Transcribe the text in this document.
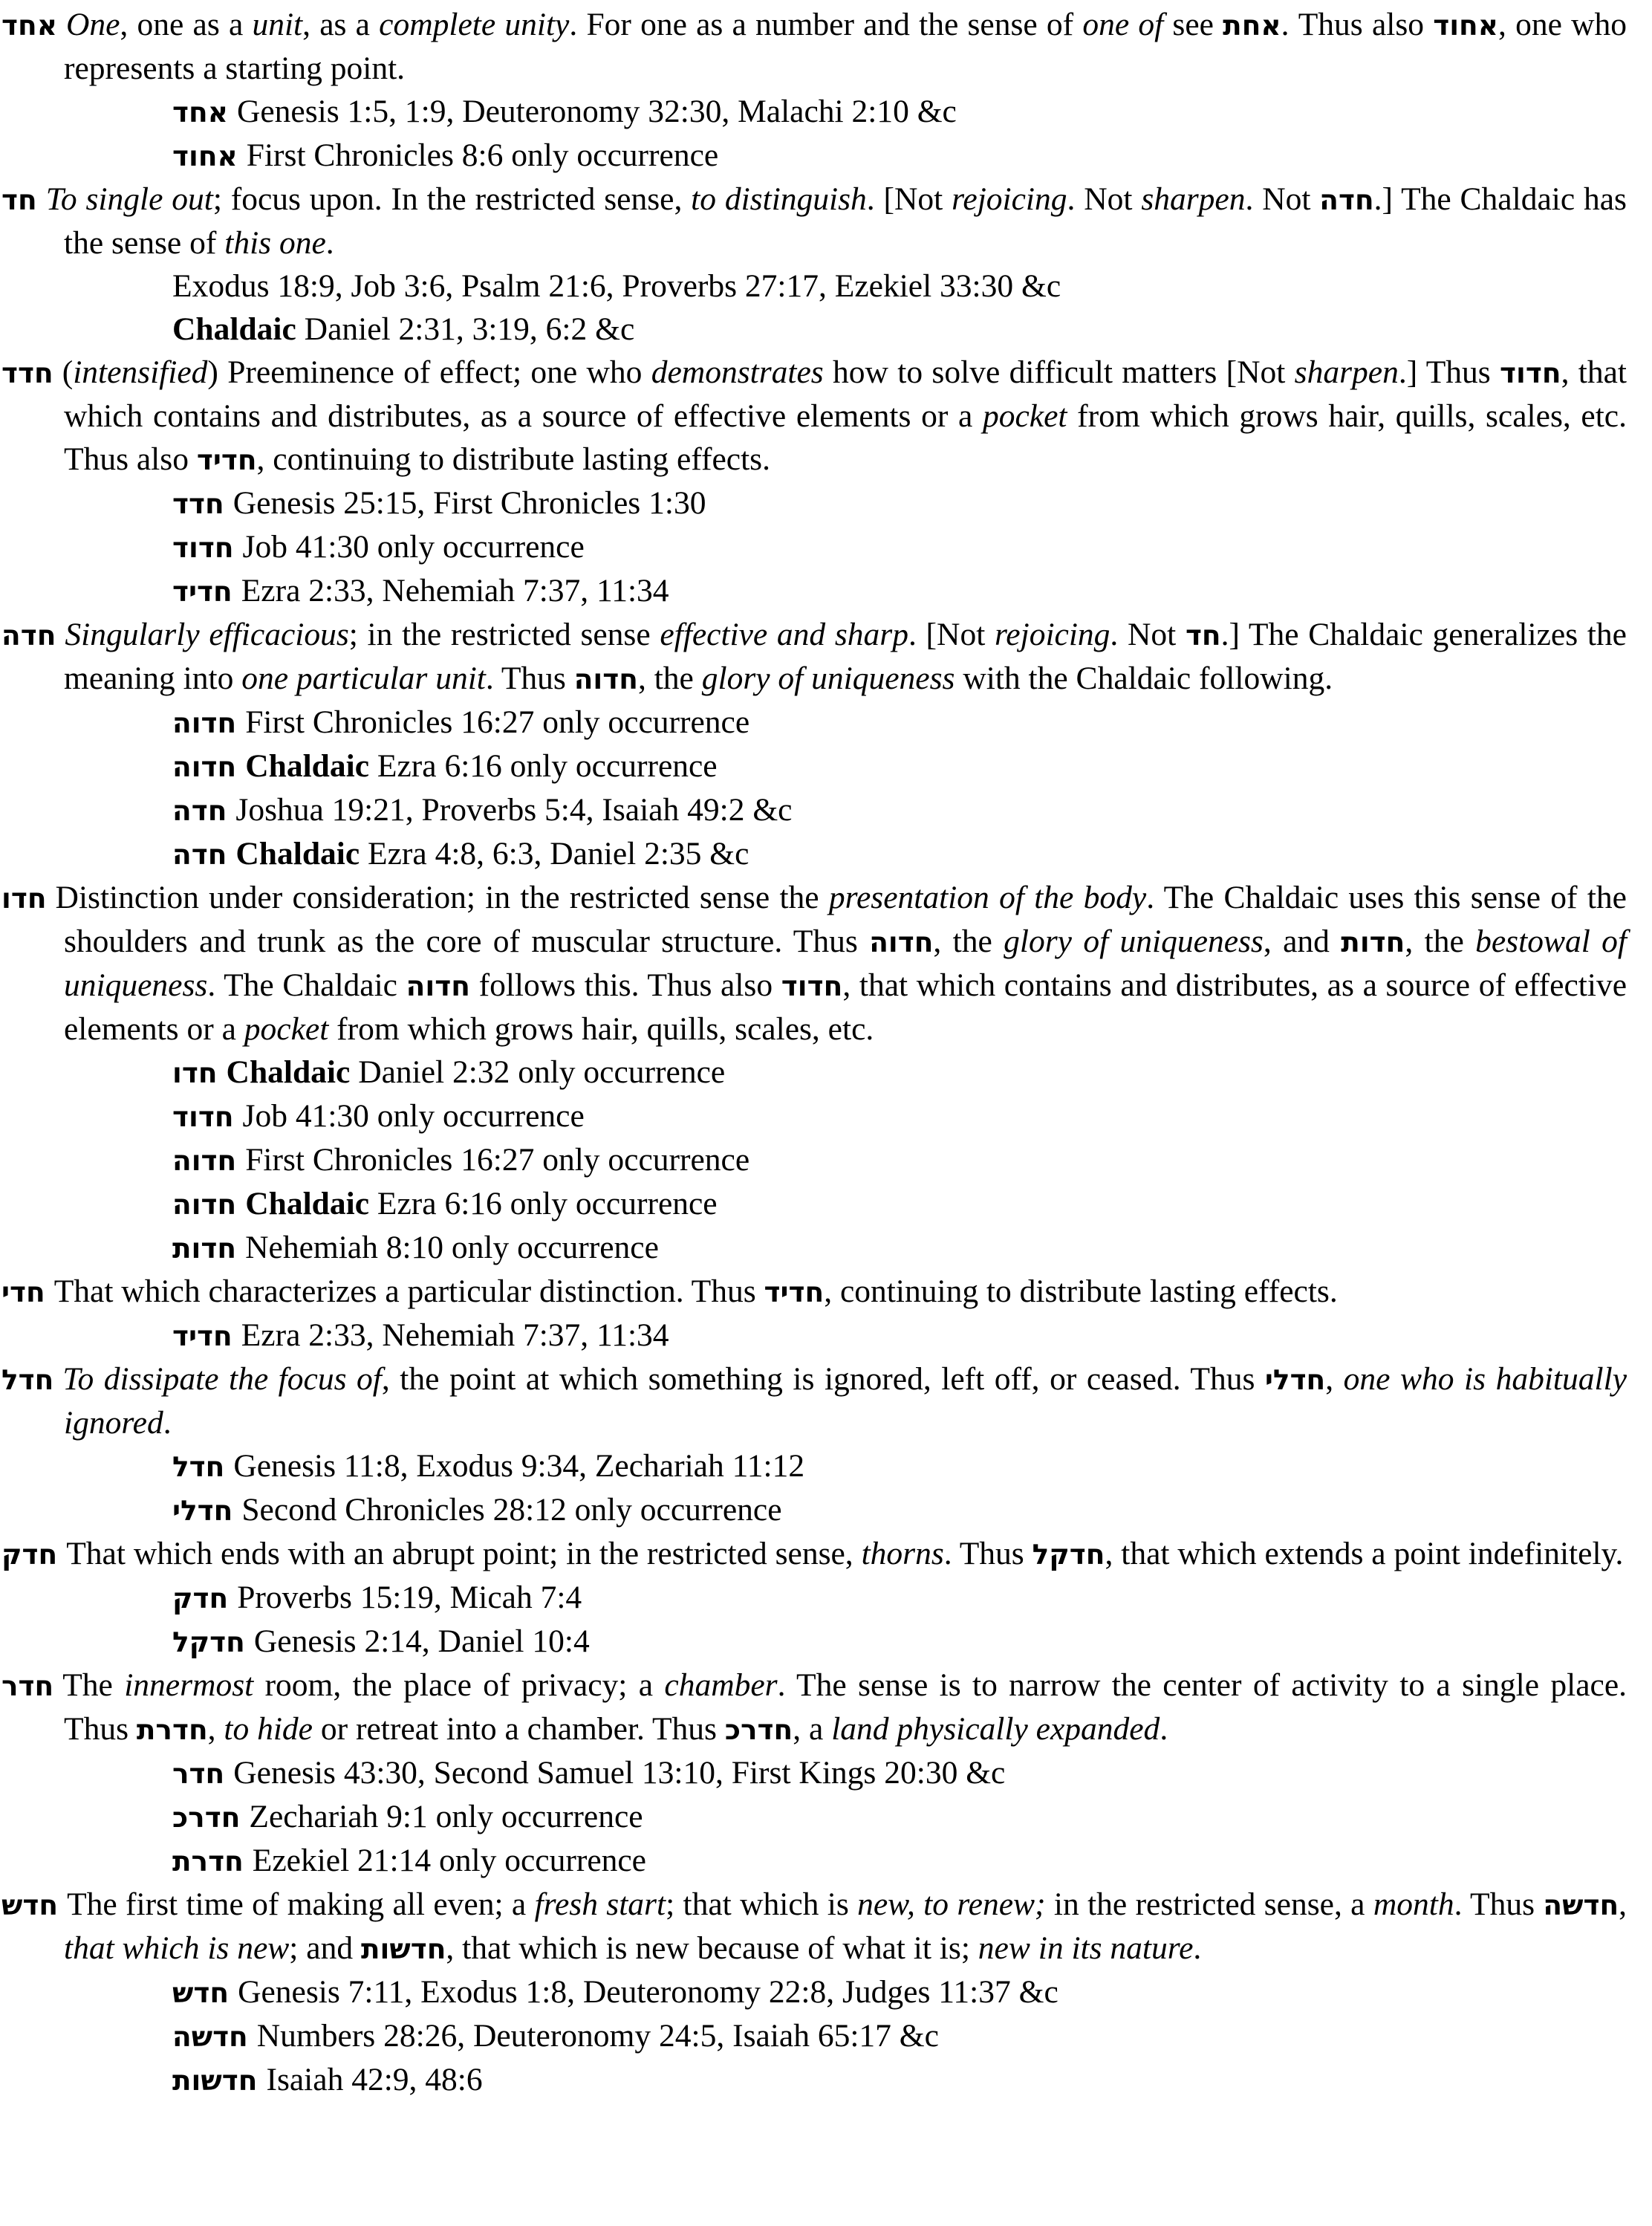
אחד One, one as a unit, as a complete unity. For one as a number and the sense of one of see אחת. Thus also אחוד, one who represents a starting point.
אחד Genesis 1:5, 1:9, Deuteronomy 32:30, Malachi 2:10 &c
אחוד First Chronicles 8:6 only occurrence
חד To single out; focus upon. In the restricted sense, to distinguish. [Not rejoicing. Not sharpen. Not חדה.] The Chaldaic has the sense of this one.
Exodus 18:9, Job 3:6, Psalm 21:6, Proverbs 27:17, Ezekiel 33:30 &c
Chaldaic Daniel 2:31, 3:19, 6:2 &c
חדד (intensified) Preeminence of effect; one who demonstrates how to solve difficult matters [Not sharpen.] Thus חדוד, that which contains and distributes, as a source of effective elements or a pocket from which grows hair, quills, scales, etc. Thus also חדיד, continuing to distribute lasting effects.
חדד Genesis 25:15, First Chronicles 1:30
חדוד Job 41:30 only occurrence
חדיד Ezra 2:33, Nehemiah 7:37, 11:34
חדה Singularly efficacious; in the restricted sense effective and sharp. [Not rejoicing. Not חד.] The Chaldaic generalizes the meaning into one particular unit. Thus חדוה, the glory of uniqueness with the Chaldaic following.
חדוה First Chronicles 16:27 only occurrence
חדוה Chaldaic Ezra 6:16 only occurrence
חדה Joshua 19:21, Proverbs 5:4, Isaiah 49:2 &c
חדה Chaldaic Ezra 4:8, 6:3, Daniel 2:35 &c
חדו Distinction under consideration; in the restricted sense the presentation of the body. The Chaldaic uses this sense of the shoulders and trunk as the core of muscular structure. Thus חדוה, the glory of uniqueness, and חדות, the bestowal of uniqueness. The Chaldaic חדוה follows this. Thus also חדוד, that which contains and distributes, as a source of effective elements or a pocket from which grows hair, quills, scales, etc.
חדו Chaldaic Daniel 2:32 only occurrence
חדוד Job 41:30 only occurrence
חדוה First Chronicles 16:27 only occurrence
חדוה Chaldaic Ezra 6:16 only occurrence
חדות Nehemiah 8:10 only occurrence
חדי That which characterizes a particular distinction. Thus חדיד, continuing to distribute lasting effects.
חדיד Ezra 2:33, Nehemiah 7:37, 11:34
חדל To dissipate the focus of, the point at which something is ignored, left off, or ceased. Thus חדלי, one who is habitually ignored.
חדל Genesis 11:8, Exodus 9:34, Zechariah 11:12
חדלי Second Chronicles 28:12 only occurrence
חדק That which ends with an abrupt point; in the restricted sense, thorns. Thus חדקל, that which extends a point indefinitely.
חדק Proverbs 15:19, Micah 7:4
חדקל Genesis 2:14, Daniel 10:4
חדר The innermost room, the place of privacy; a chamber. The sense is to narrow the center of activity to a single place. Thus חדרת, to hide or retreat into a chamber. Thus חדרכ, a land physically expanded.
חדר Genesis 43:30, Second Samuel 13:10, First Kings 20:30 &c
חדרכ Zechariah 9:1 only occurrence
חדרת Ezekiel 21:14 only occurrence
חדש The first time of making all even; a fresh start; that which is new, to renew; in the restricted sense, a month. Thus חדשה, that which is new; and חדשות, that which is new because of what it is; new in its nature.
חדש Genesis 7:11, Exodus 1:8, Deuteronomy 22:8, Judges 11:37 &c
חדשה Numbers 28:26, Deuteronomy 24:5, Isaiah 65:17 &c
חדשות Isaiah 42:9, 48:6
